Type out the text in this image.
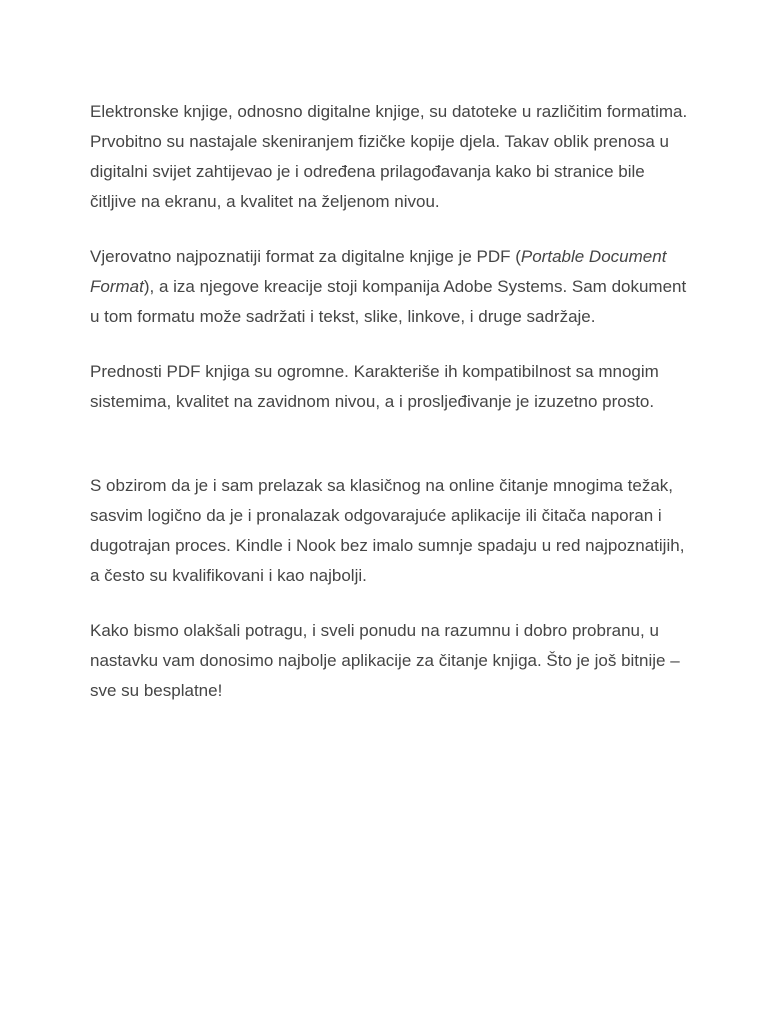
Elektronske knjige, odnosno digitalne knjige, su datoteke u različitim formatima. Prvobitno su nastajale skeniranjem fizičke kopije djela. Takav oblik prenosa u digitalni svijet zahtijevao je i određena prilagođavanja kako bi stranice bile čitljive na ekranu, a kvalitet na željenom nivou.

Vjerovatno najpoznatiji format za digitalne knjige je PDF (Portable Document Format), a iza njegove kreacije stoji kompanija Adobe Systems. Sam dokument u tom formatu može sadržati i tekst, slike, linkove, i druge sadržaje.

Prednosti PDF knjiga su ogromne. Karakteriše ih kompatibilnost sa mnogim sistemima, kvalitet na zavidnom nivou, a i prosljeđivanje je izuzetno prosto.

S obzirom da je i sam prelazak sa klasičnog na online čitanje mnogima težak, sasvim logično da je i pronalazak odgovarajuće aplikacije ili čitača naporan i dugotrajan proces. Kindle i Nook bez imalo sumnje spadaju u red najpoznatijih, a često su kvalifikovani i kao najbolji.

Kako bismo olakšali potragu, i sveli ponudu na razumnu i dobro probranu, u nastavku vam donosimo najbolje aplikacije za čitanje knjiga. Što je još bitnije – sve su besplatne!
